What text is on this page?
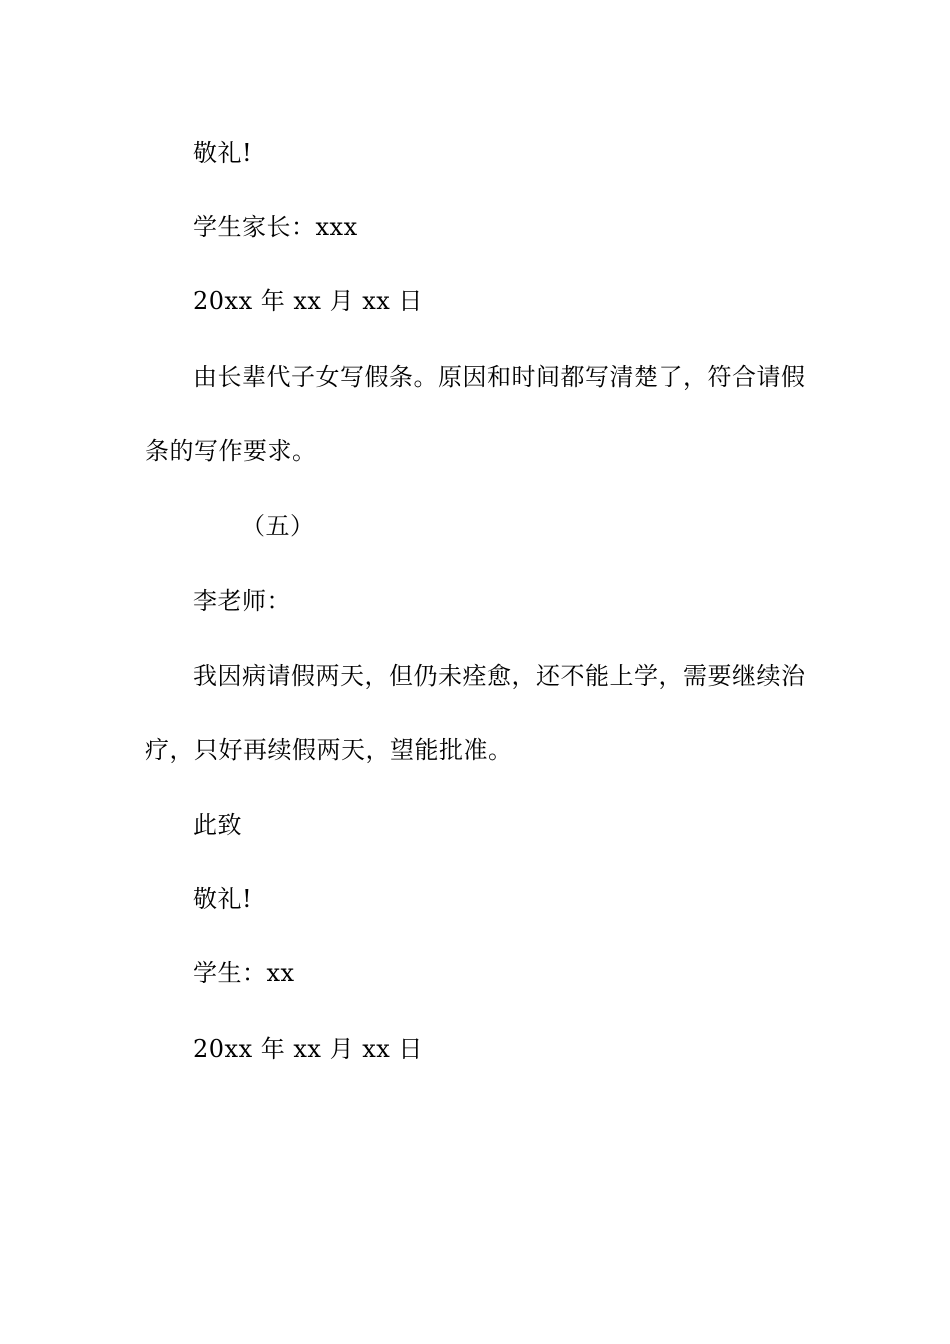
敬礼!
学生家长：xxx
20xx 年 xx 月 xx 日
由长辈代子女写假条。原因和时间都写清楚了，符合请假
条的写作要求。
（五）
李老师：
我因病请假两天，但仍未痊愈，还不能上学，需要继续治
疗，只好再续假两天，望能批准。
此致
敬礼!
学生：xx
20xx 年 xx 月 xx 日
